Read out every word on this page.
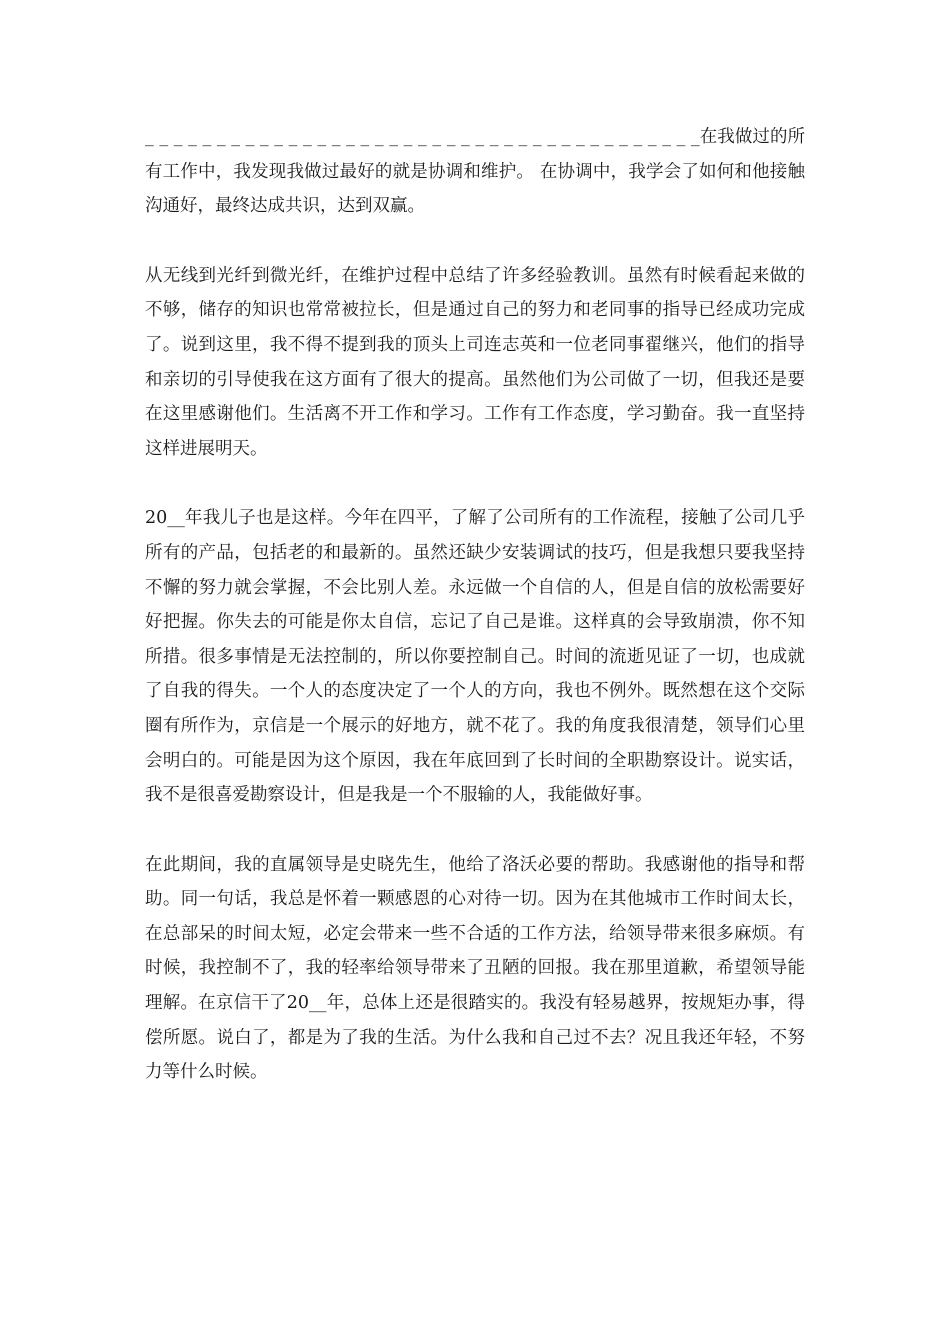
_ _ _ _ _ _ _ _ _ _ _ _ _ _ _ _ _ _ _ _ _ _ _ _ _ _ _ _ _ _ _ _ _ _ _ _ _ _ _在我做过的所有工作中，我发现我做过最好的就是协调和维护。 在协调中，我学会了如何和他接触沟通好，最终达成共识，达到双赢。

从无线到光纤到微光纤，在维护过程中总结了许多经验教训。虽然有时候看起来做的不够，储存的知识也常常被拉长，但是通过自己的努力和老同事的指导已经成功完成了。说到这里，我不得不提到我的顶头上司连志英和一位老同事翟继兴，他们的指导和亲切的引导使我在这方面有了很大的提高。虽然他们为公司做了一切，但我还是要在这里感谢他们。生活离不开工作和学习。工作有工作态度，学习勤奋。我一直坚持这样进展明天。

20__年我儿子也是这样。今年在四平，了解了公司所有的工作流程，接触了公司几乎所有的产品，包括老的和最新的。虽然还缺少安装调试的技巧，但是我想只要我坚持不懈的努力就会掌握，不会比别人差。永远做一个自信的人，但是自信的放松需要好好把握。你失去的可能是你太自信，忘记了自己是谁。这样真的会导致崩溃，你不知所措。很多事情是无法控制的，所以你要控制自己。时间的流逝见证了一切，也成就了自我的得失。一个人的态度决定了一个人的方向，我也不例外。既然想在这个交际圈有所作为，京信是一个展示的好地方，就不花了。我的角度我很清楚，领导们心里会明白的。可能是因为这个原因，我在年底回到了长时间的全职勘察设计。说实话，我不是很喜爱勘察设计，但是我是一个不服输的人，我能做好事。

在此期间，我的直属领导是史晓先生，他给了洛沃必要的帮助。我感谢他的指导和帮助。同一句话，我总是怀着一颗感恩的心对待一切。因为在其他城市工作时间太长，在总部呆的时间太短，必定会带来一些不合适的工作方法，给领导带来很多麻烦。有时候，我控制不了，我的轻率给领导带来了丑陋的回报。我在那里道歉，希望领导能理解。在京信干了20__年，总体上还是很踏实的。我没有轻易越界，按规矩办事，得偿所愿。说白了，都是为了我的生活。为什么我和自己过不去？况且我还年轻，不努力等什么时候。
